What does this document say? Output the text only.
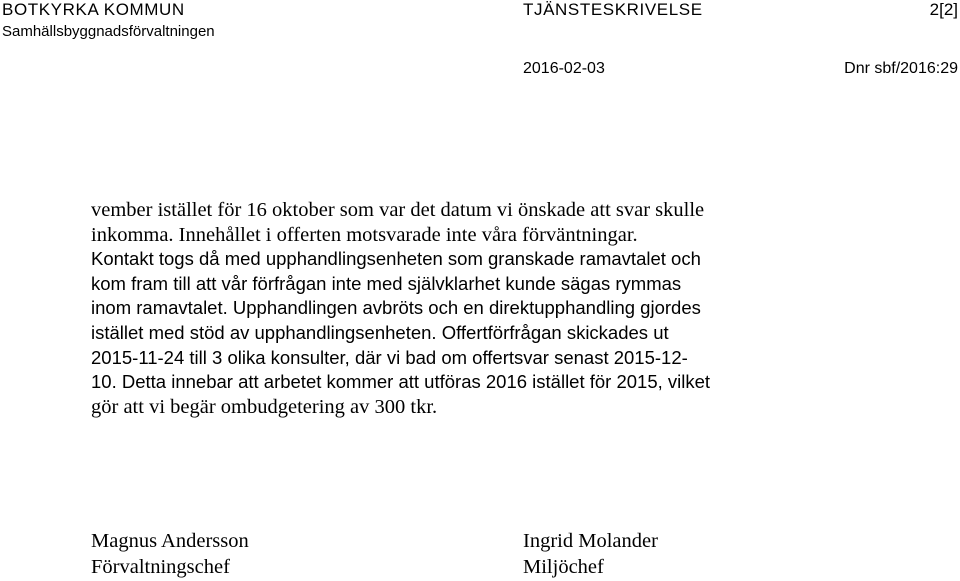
BOTKYRKA KOMMUN
Samhällsbyggnadsförvaltningen
TJÄNSTESKRIVELSE	2[2]
2016-02-03	Dnr sbf/2016:29
vember istället för 16 oktober som var det datum vi önskade att svar skulle
inkomma. Innehållet i offerten motsvarade inte våra förväntningar.
Kontakt togs då med upphandlingsenheten som granskade ramavtalet och
kom fram till att vår förfrågan inte med självklarhet kunde sägas rymmas
inom ramavtalet. Upphandlingen avbröts och en direktupphandling gjordes
istället med stöd av upphandlingsenheten. Offertförfrågan skickades ut
2015-11-24 till 3 olika konsulter, där vi bad om offertsvar senast 2015-12-
10. Detta innebar att arbetet kommer att utföras 2016 istället för 2015, vilket
gör att vi begär ombudgetering av 300 tkr.
Magnus Andersson
Förvaltningschef
Ingrid Molander
Miljöchef
